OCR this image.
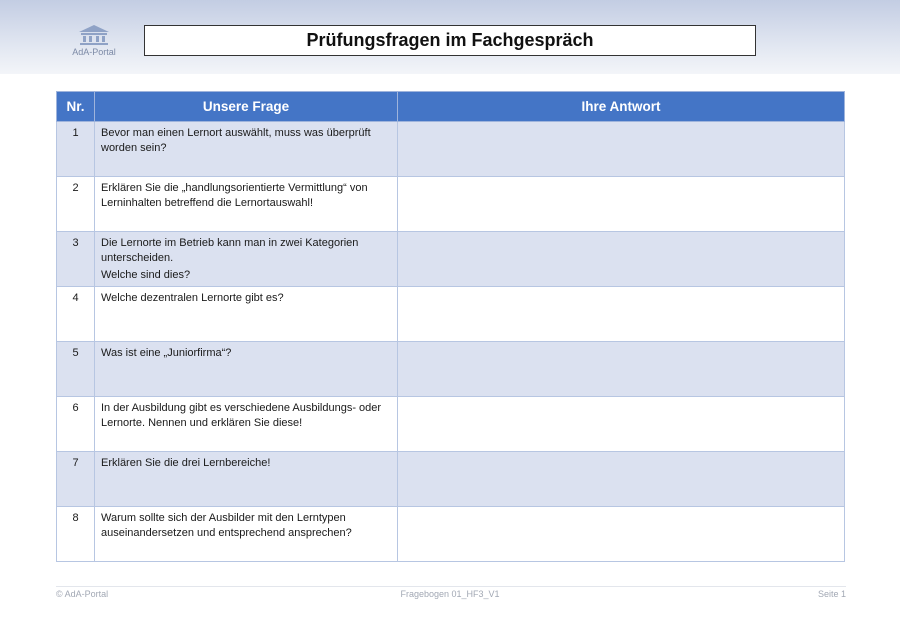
AdA-Portal
Prüfungsfragen im Fachgespräch
Nr.	Unsere Frage	Ihre Antwort
1	Bevor man einen Lernort auswählt, muss was überprüft worden sein?	

2	Erklären Sie die „handlungsorientierte Vermittlung“ von Lerninhalten betreffend die Lernortauswahl!	

3	Die Lernorte im Betrieb kann man in zwei Kategorien unterscheiden.
Welche sind dies?	

4	Welche dezentralen Lernorte gibt es?	

5	Was ist eine „Juniorfirma“?	

6	In der Ausbildung gibt es verschiedene Ausbildungs- oder Lernorte. Nennen und erklären Sie diese!	

7	Erklären Sie die drei Lernbereiche!	

8	Warum sollte sich der Ausbilder mit den Lerntypen auseinandersetzen und entsprechend ansprechen?	

© AdA-Portal	Fragebogen 01_HF3_V1	Seite 1
